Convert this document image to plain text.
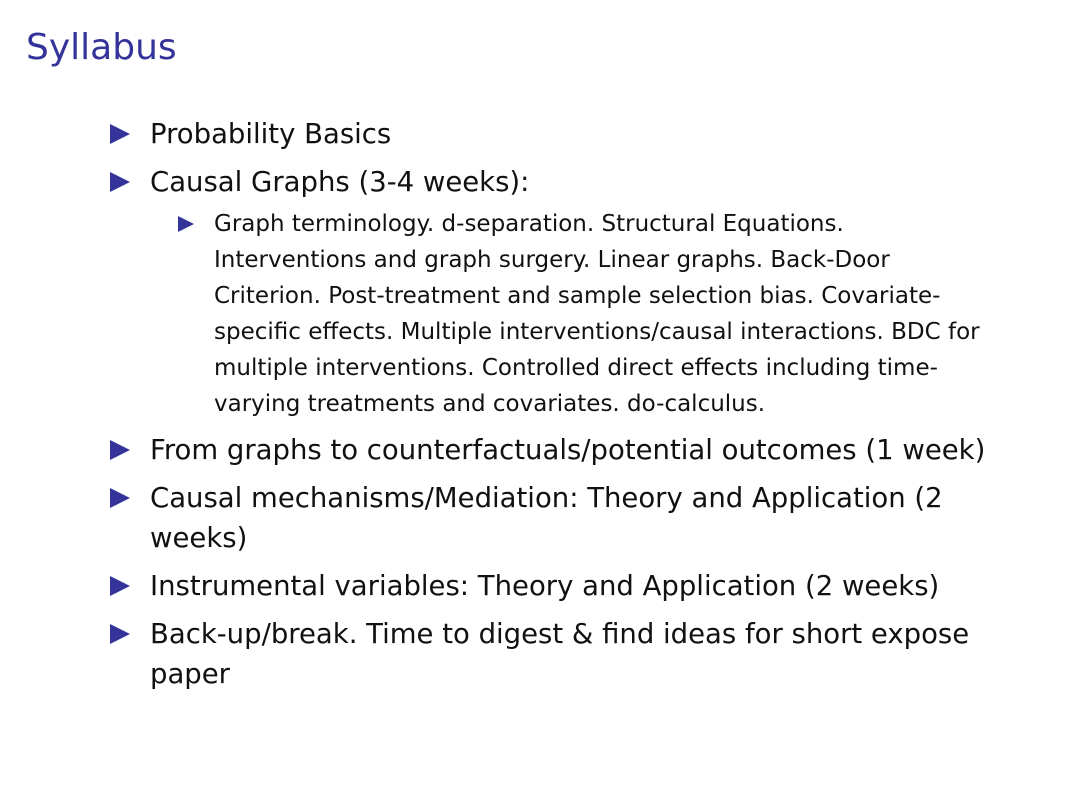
Syllabus
Probability Basics
Causal Graphs (3-4 weeks):
Graph terminology. d-separation. Structural Equations. Interventions and graph surgery. Linear graphs. Back-Door Criterion. Post-treatment and sample selection bias. Covariate-specific effects. Multiple interventions/causal interactions. BDC for multiple interventions. Controlled direct effects including time-varying treatments and covariates. do-calculus.
From graphs to counterfactuals/potential outcomes (1 week)
Causal mechanisms/Mediation: Theory and Application (2 weeks)
Instrumental variables: Theory and Application (2 weeks)
Back-up/break. Time to digest & find ideas for short expose paper
